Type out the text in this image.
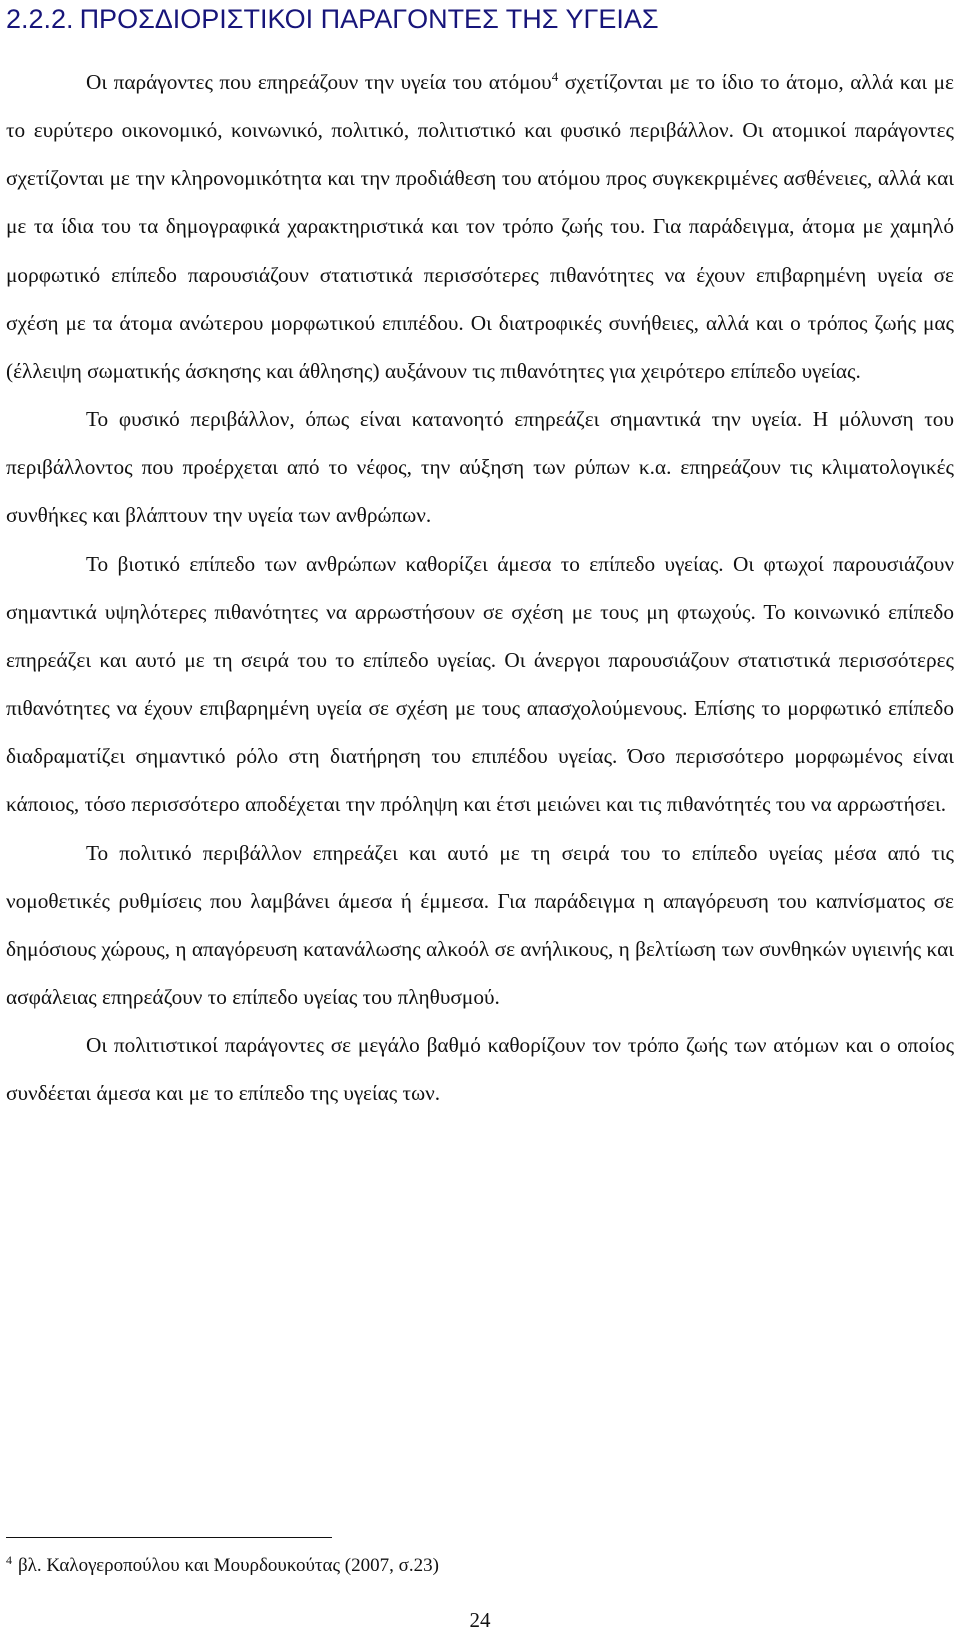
2.2.2. ΠΡΟΣΔΙΟΡΙΣΤΙΚΟΙ ΠΑΡΑΓΟΝΤΕΣ ΤΗΣ ΥΓΕΙΑΣ

Οι παράγοντες που επηρεάζουν την υγεία του ατόμου$^4$ σχετίζονται με το ίδιο το άτομο, αλλά και με το ευρύτερο οικονομικό, κοινωνικό, πολιτικό, πολιτιστικό και φυσικό περιβάλλον. Οι ατομικοί παράγοντες σχετίζονται με την κληρονομικότητα και την προδιάθεση του ατόμου προς συγκεκριμένες ασθένειες, αλλά και με τα ίδια του τα δημογραφικά χαρακτηριστικά και τον τρόπο ζωής του. Για παράδειγμα, άτομα με χαμηλό μορφωτικό επίπεδο παρουσιάζουν στατιστικά περισσότερες πιθανότητες να έχουν επιβαρημένη υγεία σε σχέση με τα άτομα ανώτερου μορφωτικού επιπέδου. Οι διατροφικές συνήθειες, αλλά και ο τρόπος ζωής μας (έλλειψη σωματικής άσκησης και άθλησης) αυξάνουν τις πιθανότητες για χειρότερο επίπεδο υγείας.

Το φυσικό περιβάλλον, όπως είναι κατανοητό επηρεάζει σημαντικά την υγεία. Η μόλυνση του περιβάλλοντος που προέρχεται από το νέφος, την αύξηση των ρύπων κ.α. επηρεάζουν τις κλιματολογικές συνθήκες και βλάπτουν την υγεία των ανθρώπων.

Το βιοτικό επίπεδο των ανθρώπων καθορίζει άμεσα το επίπεδο υγείας. Οι φτωχοί παρουσιάζουν σημαντικά υψηλότερες πιθανότητες να αρρωστήσουν σε σχέση με τους μη φτωχούς. Το κοινωνικό επίπεδο επηρεάζει και αυτό με τη σειρά του το επίπεδο υγείας. Οι άνεργοι παρουσιάζουν στατιστικά περισσότερες πιθανότητες να έχουν επιβαρημένη υγεία σε σχέση με τους απασχολούμενους. Επίσης το μορφωτικό επίπεδο διαδραματίζει σημαντικό ρόλο στη διατήρηση του επιπέδου υγείας. Όσο περισσότερο μορφωμένος είναι κάποιος, τόσο περισσότερο αποδέχεται την πρόληψη και έτσι μειώνει και τις πιθανότητές του να αρρωστήσει.

Το πολιτικό περιβάλλον επηρεάζει και αυτό με τη σειρά του το επίπεδο υγείας μέσα από τις νομοθετικές ρυθμίσεις που λαμβάνει άμεσα ή έμμεσα. Για παράδειγμα η απαγόρευση του καπνίσματος σε δημόσιους χώρους, η απαγόρευση κατανάλωσης αλκοόλ σε ανήλικους, η βελτίωση των συνθηκών υγιεινής και ασφάλειας επηρεάζουν το επίπεδο υγείας του πληθυσμού.

Οι πολιτιστικοί παράγοντες σε μεγάλο βαθμό καθορίζουν τον τρόπο ζωής των ατόμων και ο οποίος συνδέεται άμεσα και με το επίπεδο της υγείας των.

$^4$ βλ. Καλογεροπούλου και Μουρδουκούτας (2007, σ.23)
24
